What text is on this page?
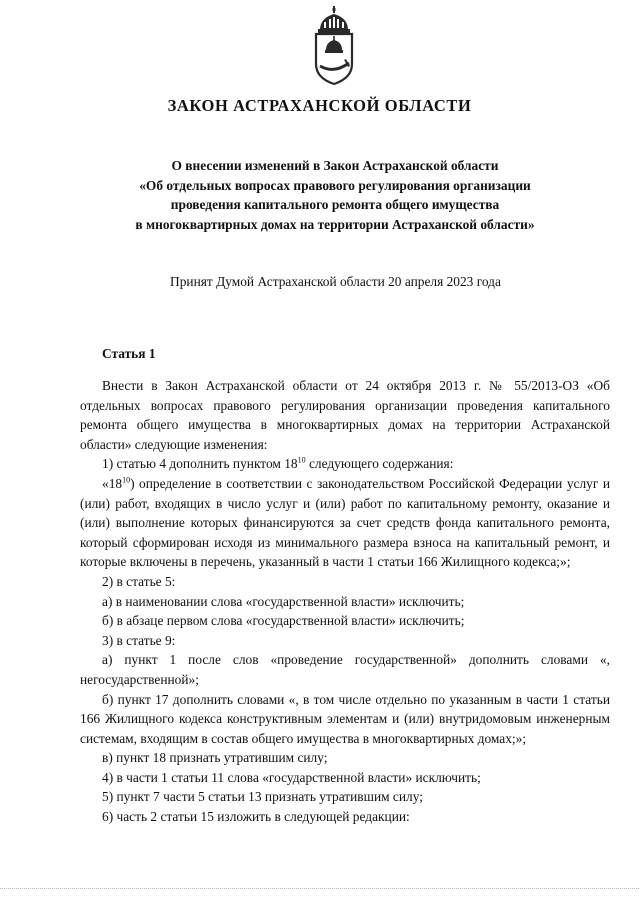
ЗАКОН АСТРАХАНСКОЙ ОБЛАСТИ
О внесении изменений в Закон Астраханской области
«Об отдельных вопросах правового регулирования организации
проведения капитального ремонта общего имущества
в многоквартирных домах на территории Астраханской области»
Принят Думой Астраханской области 20 апреля 2023 года
Статья 1

Внести в Закон Астраханской области от 24 октября 2013 г. № 55/2013-ОЗ «Об отдельных вопросах правового регулирования организации проведения капитального ремонта общего имущества в многоквартирных домах на территории Астраханской области» следующие изменения:

1) статью 4 дополнить пунктом $18^{10}$ следующего содержания:

«$18^{10}$) определение в соответствии с законодательством Российской Федерации услуг и (или) работ, входящих в число услуг и (или) работ по капитальному ремонту, оказание и (или) выполнение которых финансируются за счет средств фонда капитального ремонта, который сформирован исходя из минимального размера взноса на капитальный ремонт, и которые включены в перечень, указанный в части 1 статьи 166 Жилищного кодекса;»;

2) в статье 5:

а) в наименовании слова «государственной власти» исключить;

б) в абзаце первом слова «государственной власти» исключить;

3) в статье 9:

а) пункт 1 после слов «проведение государственной» дополнить словами «, негосударственной»;

б) пункт 17 дополнить словами «, в том числе отдельно по указанным в части 1 статьи 166 Жилищного кодекса конструктивным элементам и (или) внутридомовым инженерным системам, входящим в состав общего имущества в многоквартирных домах;»;

в) пункт 18 признать утратившим силу;

4) в части 1 статьи 11 слова «государственной власти» исключить;

5) пункт 7 части 5 статьи 13 признать утратившим силу;

6) часть 2 статьи 15 изложить в следующей редакции:
